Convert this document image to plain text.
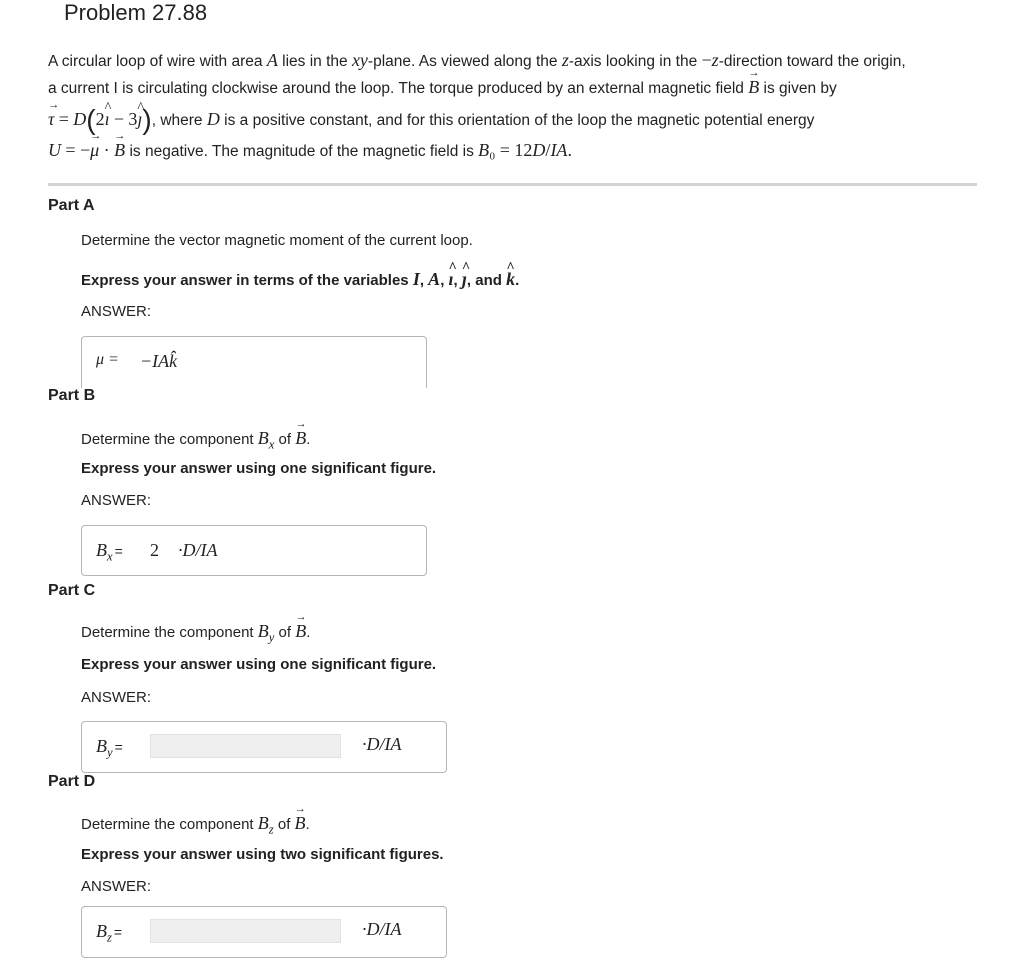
Problem 27.88
A circular loop of wire with area A lies in the xy-plane. As viewed along the z-axis looking in the −z-direction toward the origin,
a current I is circulating clockwise around the loop. The torque produced by an external magnetic field B → is given by
τ → = D(2ı ^ − 3ȷ ^), where D is a positive constant, and for this orientation of the loop the magnetic potential energy
U = −μ → · B → is negative. The magnitude of the magnetic field is B₀ = 12D/IA.
Part A
Determine the vector magnetic moment of the current loop.
Express your answer in terms of the variables I, A, ı ^, ȷ ^, and k ^.
ANSWER:
μ = −IAk̂
Part B
Determine the component $B_x$ of B →.
Express your answer using one significant figure.
ANSWER:
$B_x$ =	2 ·D/IA
Part C
Determine the component $B_y$ of B →.
Express your answer using one significant figure.
ANSWER:
$B_y$ =	·D/IA
Part D
Determine the component $B_z$ of B →.
Express your answer using two significant figures.
ANSWER:
$B_z$ =	·D/IA
